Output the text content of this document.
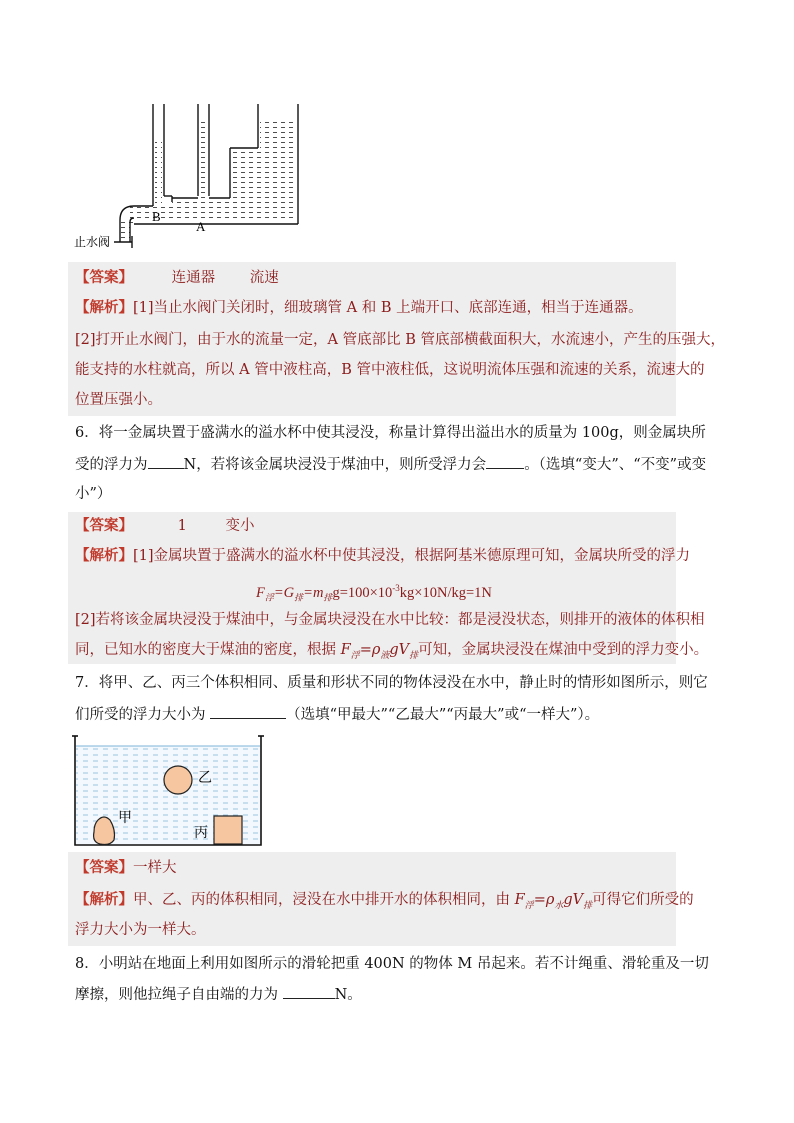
B
A
止水阀
【答案】	连通器 流速
【解析】[1]当止水阀门关闭时，细玻璃管 A 和 B 上端开口、底部连通，相当于连通器。
[2]打开止水阀门，由于水的流量一定，A 管底部比 B 管底部横截面积大，水流速小，产生的压强大，
能支持的水柱就高，所以 A 管中液柱高，B 管中液柱低，这说明流体压强和流速的关系，流速大的
位置压强小。
6．将一金属块置于盛满水的溢水杯中使其浸没，称量计算得出溢出水的质量为 100g，则金属块所
受的浮力为 N，若将该金属块浸没于煤油中，则所受浮力会	。（选填“变大”、“不变”或变
小”）
【答案】	1	变小
【解析】[1]金属块置于盛满水的溢水杯中使其浸没，根据阿基米德原理可知，金属块所受的浮力
$F_浮=G_排=m_排g=100\times 10^{-3}kg\times 10N/kg=1N$
[2]若将该金属块浸没于煤油中，与金属块浸没在水中比较：都是浸没状态，则排开的液体的体积相
同，已知水的密度大于煤油的密度，根据 $F_浮=\rho_液gV_排$可知，金属块浸没在煤油中受到的浮力变小。
7．将甲、乙、丙三个体积相同、质量和形状不同的物体浸没在水中，静止时的情形如图所示，则它
们所受的浮力大小为	（选填“甲最大”“乙最大”“丙最大”或“一样大”）。
乙
甲
丙
【答案】一样大
【解析】甲、乙、丙的体积相同，浸没在水中排开水的体积相同，由 $F_浮=\rho_水gV_排$可得它们所受的
浮力大小为一样大。
8．小明站在地面上利用如图所示的滑轮把重 400N 的物体 M 吊起来。若不计绳重、滑轮重及一切
摩擦，则他拉绳子自由端的力为	N。
